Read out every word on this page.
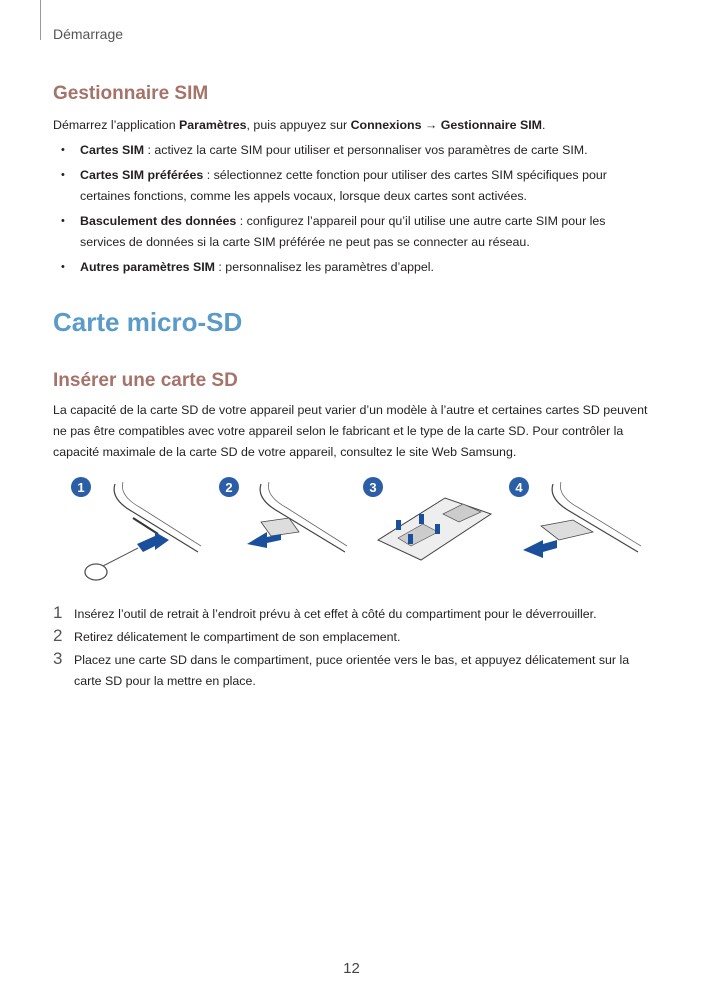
Démarrage
Gestionnaire SIM
Démarrez l’application Paramètres, puis appuyez sur Connexions → Gestionnaire SIM.
• Cartes SIM : activez la carte SIM pour utiliser et personnaliser vos paramètres de carte SIM.
• Cartes SIM préférées : sélectionnez cette fonction pour utiliser des cartes SIM spécifiques pour certaines fonctions, comme les appels vocaux, lorsque deux cartes sont activées.
• Basculement des données : configurez l’appareil pour qu’il utilise une autre carte SIM pour les services de données si la carte SIM préférée ne peut pas se connecter au réseau.
• Autres paramètres SIM : personnalisez les paramètres d’appel.
Carte micro-SD
Insérer une carte SD
La capacité de la carte SD de votre appareil peut varier d’un modèle à l’autre et certaines cartes SD peuvent ne pas être compatibles avec votre appareil selon le fabricant et le type de la carte SD. Pour contrôler la capacité maximale de la carte SD de votre appareil, consultez le site Web Samsung.
1	2	3	4
1 Insérez l’outil de retrait à l’endroit prévu à cet effet à côté du compartiment pour le déverrouiller.
2 Retirez délicatement le compartiment de son emplacement.
3 Placez une carte SD dans le compartiment, puce orientée vers le bas, et appuyez délicatement sur la carte SD pour la mettre en place.
12
